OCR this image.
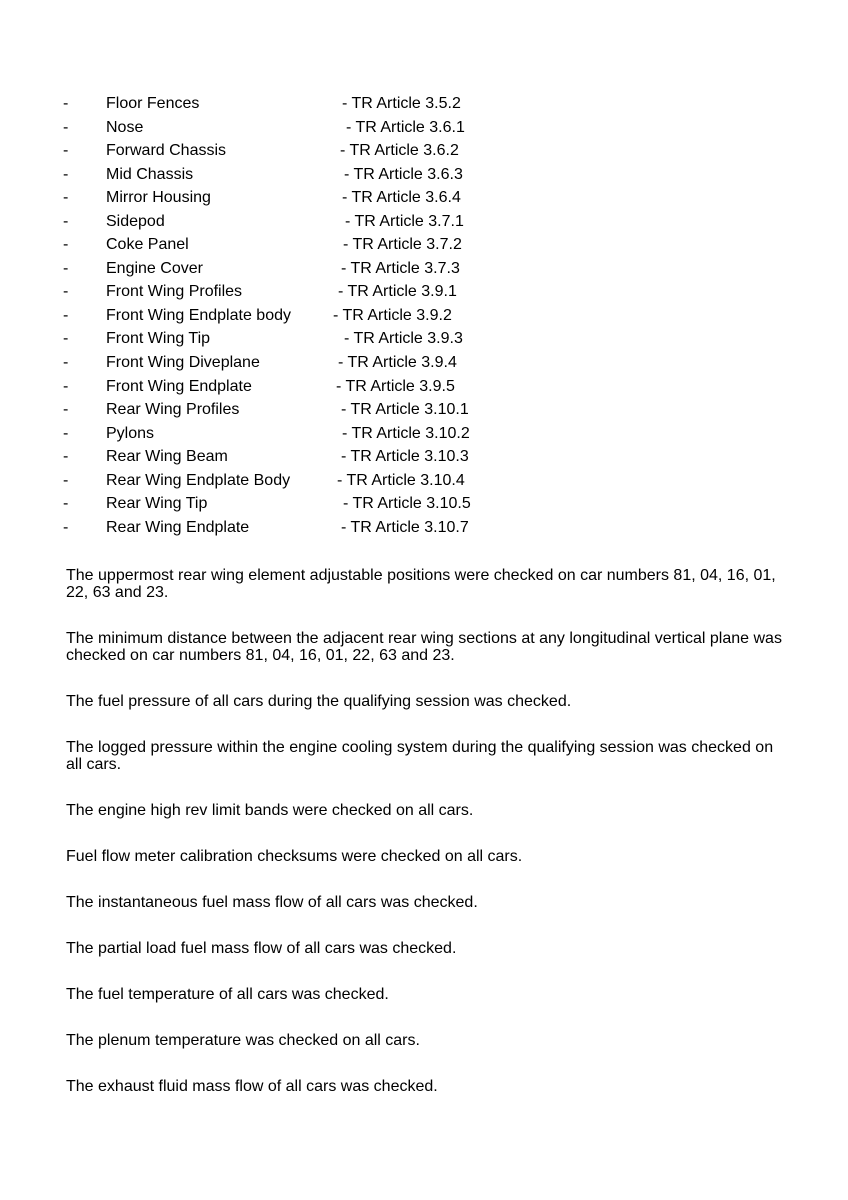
- Floor Fences	- TR Article 3.5.2
- Nose	- TR Article 3.6.1
- Forward Chassis	- TR Article 3.6.2
- Mid Chassis	- TR Article 3.6.3
- Mirror Housing	- TR Article 3.6.4
- Sidepod	- TR Article 3.7.1
- Coke Panel	- TR Article 3.7.2
- Engine Cover	- TR Article 3.7.3
- Front Wing Profiles	- TR Article 3.9.1
- Front Wing Endplate body	- TR Article 3.9.2
- Front Wing Tip	- TR Article 3.9.3
- Front Wing Diveplane	- TR Article 3.9.4
- Front Wing Endplate	- TR Article 3.9.5
- Rear Wing Profiles	- TR Article 3.10.1
- Pylons	- TR Article 3.10.2
- Rear Wing Beam	- TR Article 3.10.3
- Rear Wing Endplate Body	- TR Article 3.10.4
- Rear Wing Tip	- TR Article 3.10.5
- Rear Wing Endplate	- TR Article 3.10.7

The uppermost rear wing element adjustable positions were checked on car numbers 81, 04, 16, 01, 22, 63 and 23.

The minimum distance between the adjacent rear wing sections at any longitudinal vertical plane was checked on car numbers 81, 04, 16, 01, 22, 63 and 23.

The fuel pressure of all cars during the qualifying session was checked.

The logged pressure within the engine cooling system during the qualifying session was checked on all cars.

The engine high rev limit bands were checked on all cars.

Fuel flow meter calibration checksums were checked on all cars.

The instantaneous fuel mass flow of all cars was checked.

The partial load fuel mass flow of all cars was checked.

The fuel temperature of all cars was checked.

The plenum temperature was checked on all cars.

The exhaust fluid mass flow of all cars was checked.
